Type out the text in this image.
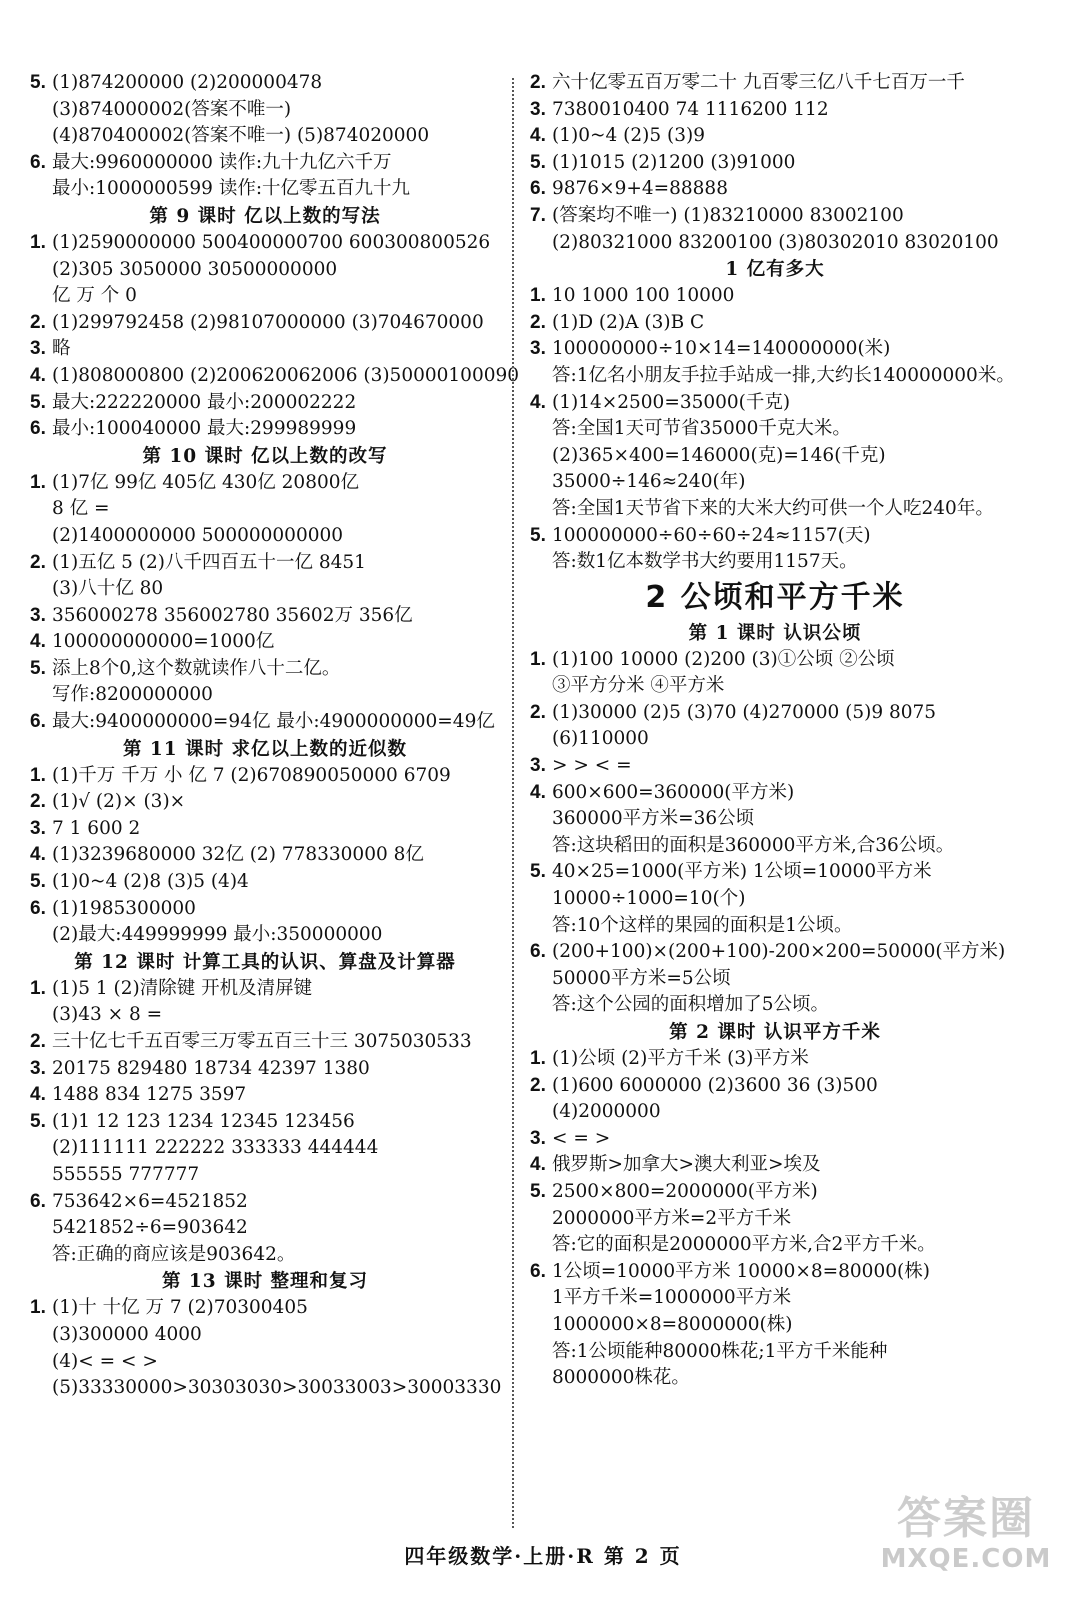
5. (1)874200000 (2)200000478
(3)874000002(答案不唯一)
(4)870400002(答案不唯一) (5)874020000
6. 最大:9960000000 读作:九十九亿六千万
最小:1000000599 读作:十亿零五百九十九
第 9 课时 亿以上数的写法
1. (1)2590000000 500400000700 600300800526
(2)305 3050000 30500000000
亿 万 个 0
2. (1)299792458 (2)98107000000 (3)704670000
3. 略
4. (1)808000800 (2)200620062006 (3)50000100090
5. 最大:222220000 最小:200002222
6. 最小:100040000 最大:299989999
第 10 课时 亿以上数的改写
1. (1)7亿 99亿 405亿 430亿 20800亿
8 亿 =
(2)1400000000 500000000000
2. (1)五亿 5 (2)八千四百五十一亿 8451
(3)八十亿 80
3. 356000278 356002780 35602万 356亿
4. 100000000000=1000亿
5. 添上8个0,这个数就读作八十二亿。
写作:8200000000
6. 最大:9400000000=94亿 最小:4900000000=49亿
第 11 课时 求亿以上数的近似数
1. (1)千万 千万 小 亿 7 (2)670890050000 6709
2. (1)√ (2)× (3)×
3. 7 1 600 2
4. (1)3239680000 32亿 (2) 778330000 8亿
5. (1)0~4 (2)8 (3)5 (4)4
6. (1)1985300000
(2)最大:449999999 最小:350000000
第 12 课时 计算工具的认识、算盘及计算器
1. (1)5 1 (2)清除键 开机及清屏键
(3)43 × 8 =
2. 三十亿七千五百零三万零五百三十三 3075030533
3. 20175 829480 18734 42397 1380
4. 1488 834 1275 3597
5. (1)1 12 123 1234 12345 123456
(2)111111 222222 333333 444444
555555 777777
6. 753642×6=4521852
5421852÷6=903642
答:正确的商应该是903642。
第 13 课时 整理和复习
1. (1)十 十亿 万 7 (2)70300405
(3)300000 4000
(4)< = < >
(5)33330000>30303030>30033003>30003330
2. 六十亿零五百万零二十 九百零三亿八千七百万一千
3. 7380010400 74 1116200 112
4. (1)0~4 (2)5 (3)9
5. (1)1015 (2)1200 (3)91000
6. 9876×9+4=88888
7. (答案均不唯一) (1)83210000 83002100
(2)80321000 83200100 (3)80302010 83020100
1 亿有多大
1. 10 1000 100 10000
2. (1)D (2)A (3)B C
3. 100000000÷10×14=140000000(米)
答:1亿名小朋友手拉手站成一排,大约长140000000米。
4. (1)14×2500=35000(千克)
答:全国1天可节省35000千克大米。
(2)365×400=146000(克)=146(千克)
35000÷146≈240(年)
答:全国1天节省下来的大米大约可供一个人吃240年。
5. 100000000÷60÷60÷24≈1157(天)
答:数1亿本数学书大约要用1157天。
2 公顷和平方千米
第 1 课时 认识公顷
1. (1)100 10000 (2)200 (3)①公顷 ②公顷
③平方分米 ④平方米
2. (1)30000 (2)5 (3)70 (4)270000 (5)9 8075
(6)110000
3. > > < =
4. 600×600=360000(平方米)
360000平方米=36公顷
答:这块稻田的面积是360000平方米,合36公顷。
5. 40×25=1000(平方米) 1公顷=10000平方米
10000÷1000=10(个)
答:10个这样的果园的面积是1公顷。
6. (200+100)×(200+100)-200×200=50000(平方米)
50000平方米=5公顷
答:这个公园的面积增加了5公顷。
第 2 课时 认识平方千米
1. (1)公顷 (2)平方千米 (3)平方米
2. (1)600 6000000 (2)3600 36 (3)500
(4)2000000
3. < = >
4. 俄罗斯>加拿大>澳大利亚>埃及
5. 2500×800=2000000(平方米)
2000000平方米=2平方千米
答:它的面积是2000000平方米,合2平方千米。
6. 1公顷=10000平方米 10000×8=80000(株)
1平方千米=1000000平方米
1000000×8=8000000(株)
答:1公顷能种80000株花;1平方千米能种
8000000株花。
四年级数学·上册·R 第 2 页
答案圈
MXQE.COM
